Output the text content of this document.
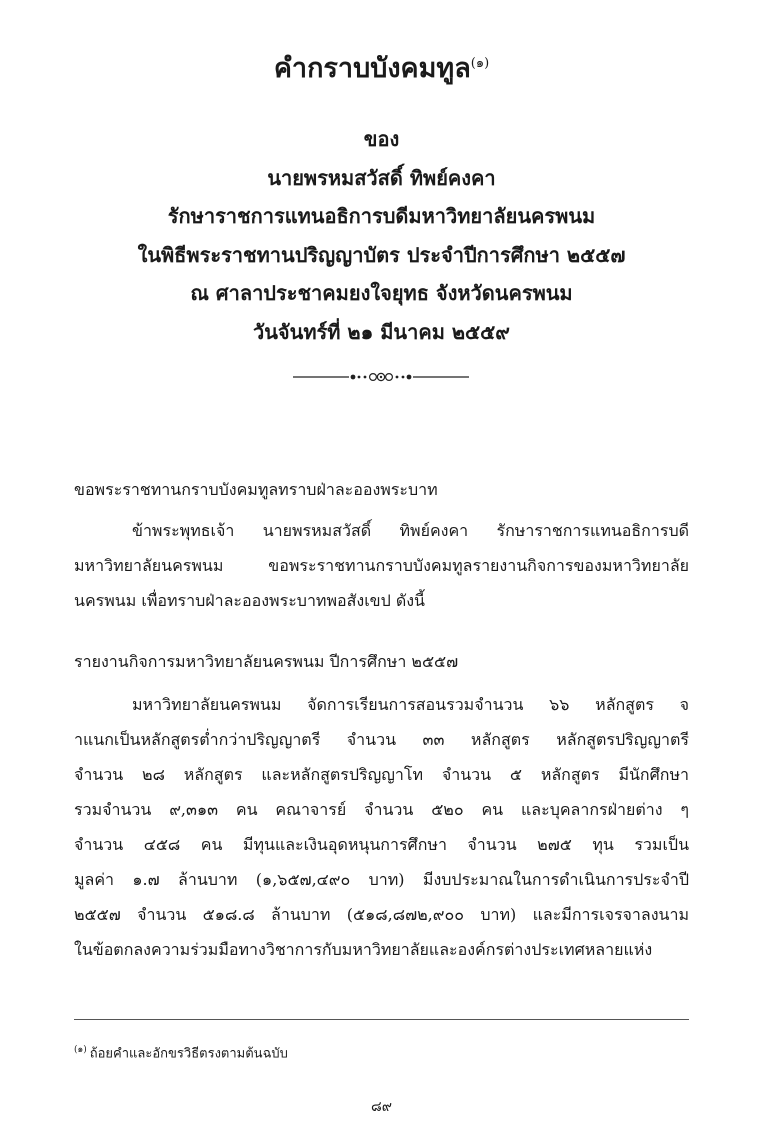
คำกราบบังคมทูล$^{(๑)}$
ของ
นายพรหมสวัสดิ์ ทิพย์คงคา
รักษาราชการแทนอธิการบดีมหาวิทยาลัยนครพนม
ในพิธีพระราชทานปริญญาบัตร ประจำปีการศึกษา ๒๕๕๗
ณ ศาลาประชาคมยงใจยุทธ จังหวัดนครพนม
วันจันทร์ที่ ๒๑ มีนาคม ๒๕๕๙
ขอพระราชทานกราบบังคมทูลทราบฝ่าละอองพระบาท
ข้าพระพุทธเจ้า นายพรหมสวัสดิ์ ทิพย์คงคา รักษาราชการแทนอธิการบดี
มหาวิทยาลัยนครพนม ขอพระราชทานกราบบังคมทูลรายงานกิจการของมหาวิทยาลัย
นครพนม เพื่อทราบฝ่าละอองพระบาทพอสังเขป ดังนี้
รายงานกิจการมหาวิทยาลัยนครพนม ปีการศึกษา ๒๕๕๗
มหาวิทยาลัยนครพนม จัดการเรียนการสอนรวมจำนวน ๖๖ หลักสูตร จ
ำแนกเป็นหลักสูตรต่ำกว่าปริญญาตรี จำนวน ๓๓ หลักสูตร หลักสูตรปริญญาตรี
จำนวน ๒๘ หลักสูตร และหลักสูตรปริญญาโท จำนวน ๕ หลักสูตร มีนักศึกษา
รวมจำนวน ๙,๓๑๓ คน คณาจารย์ จำนวน ๕๒๐ คน และบุคลากรฝ่ายต่าง ๆ
จำนวน ๔๕๘ คน มีทุนและเงินอุดหนุนการศึกษา จำนวน ๒๗๕ ทุน รวมเป็น
มูลค่า ๑.๗ ล้านบาท (๑,๖๕๗,๔๙๐ บาท) มีงบประมาณในการดำเนินการประจำปี
๒๕๕๗ จำนวน ๕๑๘.๘ ล้านบาท (๕๑๘,๘๗๒,๙๐๐ บาท) และมีการเจรจาลงนาม
ในข้อตกลงความร่วมมือทางวิชาการกับมหาวิทยาลัยและองค์กรต่างประเทศหลายแห่ง
$^{(๑)}$ ถ้อยคำและอักขรวิธีตรงตามต้นฉบับ
๘๙
